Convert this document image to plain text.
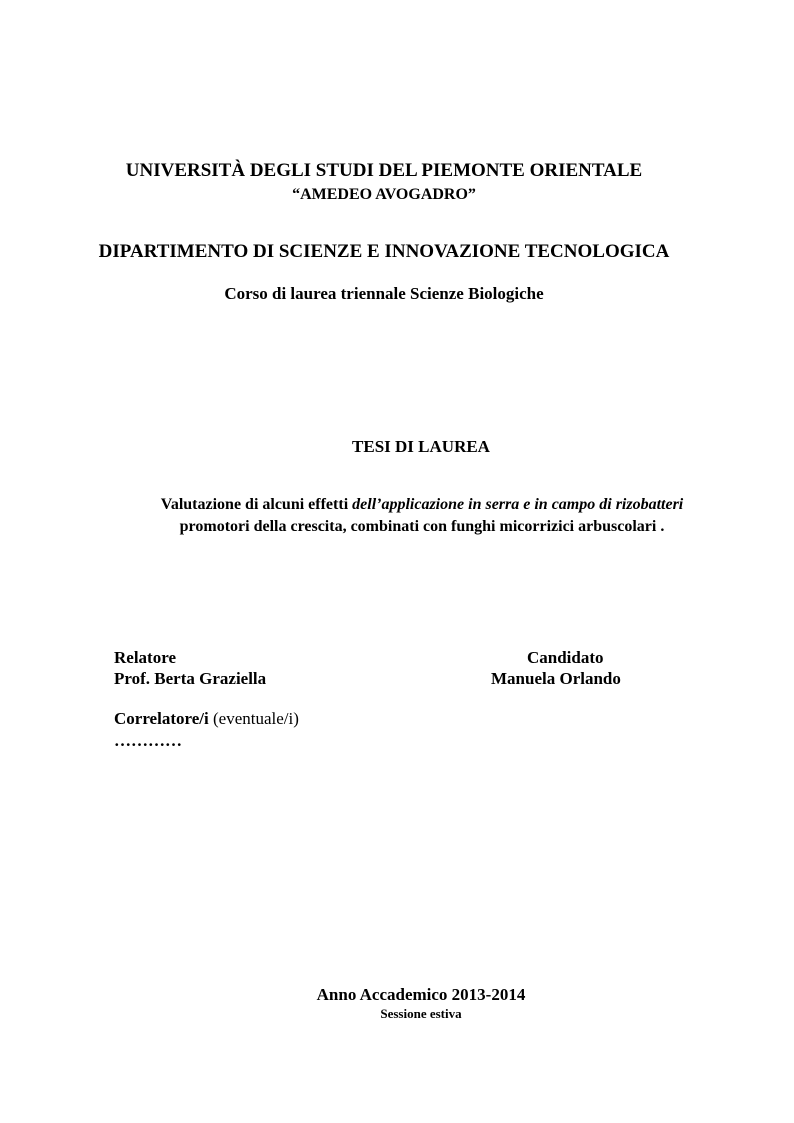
UNIVERSITÀ DEGLI STUDI DEL PIEMONTE ORIENTALE
“AMEDEO AVOGADRO”
DIPARTIMENTO DI SCIENZE E INNOVAZIONE TECNOLOGICA
Corso di laurea triennale Scienze Biologiche
TESI DI LAUREA
Valutazione di alcuni effetti dell’applicazione in serra e in campo di rizobatteri
promotori della crescita, combinati con funghi micorrizici arbuscolari .
Relatore
Prof. Berta Graziella
Candidato
Manuela Orlando
Correlatore/i (eventuale/i)
…………
Anno Accademico 2013-2014
Sessione estiva
